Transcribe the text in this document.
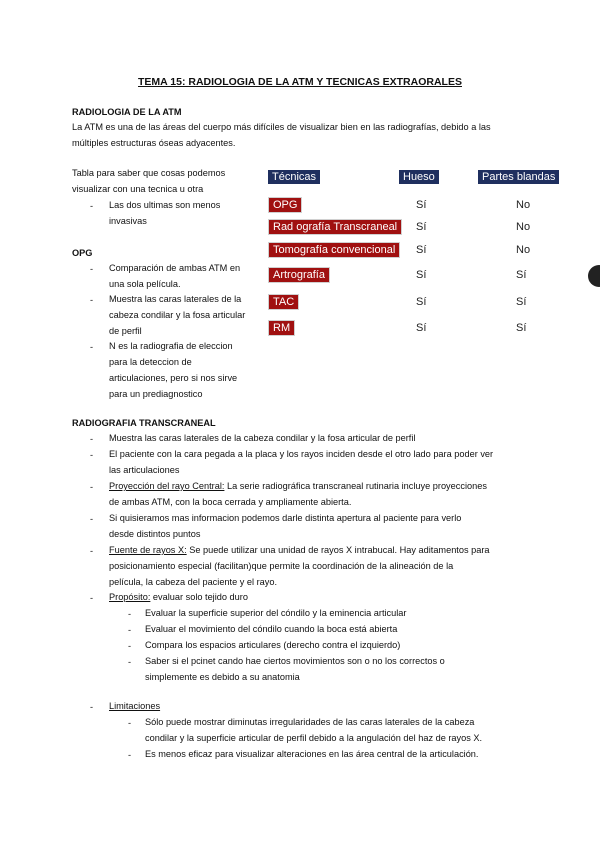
TEMA 15: RADIOLOGIA DE LA ATM Y TECNICAS EXTRAORALES
RADIOLOGIA DE LA ATM
La ATM es una de las áreas del cuerpo más difíciles de visualizar bien en las radiografías, debido a las
múltiples estructuras óseas adyacentes.
Tabla para saber que cosas podemos
visualizar con una tecnica u otra
- Las dos ultimas son menos
invasivas
OPG
- Comparación de ambas ATM en
una sola película.
- Muestra las caras laterales de la
cabeza condilar y la fosa articular
de perfil
- N es la radiografia de eleccion
para la deteccion de
articulaciones, pero si nos sirve
para un prediagnostico
Técnicas	Hueso	Partes blandas
OPG	Sí	No
Rad ografía Transcraneal	Sí	No
Tomografía convencional	Sí	No
Artrografía	Sí	Sí
TAC	Sí	Sí
RM	Sí	Sí
RADIOGRAFIA TRANSCRANEAL
- Muestra las caras laterales de la cabeza condilar y la fosa articular de perfil
- El paciente con la cara pegada a la placa y los rayos inciden desde el otro lado para poder ver
las articulaciones
- Proyección del rayo Central: La serie radiográfica transcraneal rutinaria incluye proyecciones
de ambas ATM, con la boca cerrada y ampliamente abierta.
- Si quisieramos mas informacion podemos darle distinta apertura al paciente para verlo
desde distintos puntos
- Fuente de rayos X: Se puede utilizar una unidad de rayos X intrabucal. Hay aditamentos para
posicionamiento especial (facilitan)que permite la coordinación de la alineación de la
película, la cabeza del paciente y el rayo.
- Propósito: evaluar solo tejido duro
- Evaluar la superficie superior del cóndilo y la eminencia articular
- Evaluar el movimiento del cóndilo cuando la boca está abierta
- Compara los espacios articulares (derecho contra el izquierdo)
- Saber si el pcinet cando hae ciertos movimientos son o no los correctos o
simplemente es debido a su anatomia
- Limitaciones
- Sólo puede mostrar diminutas irregularidades de las caras laterales de la cabeza
condilar y la superficie articular de perfil debido a la angulación del haz de rayos X.
- Es menos eficaz para visualizar alteraciones en las área central de la articulación.
